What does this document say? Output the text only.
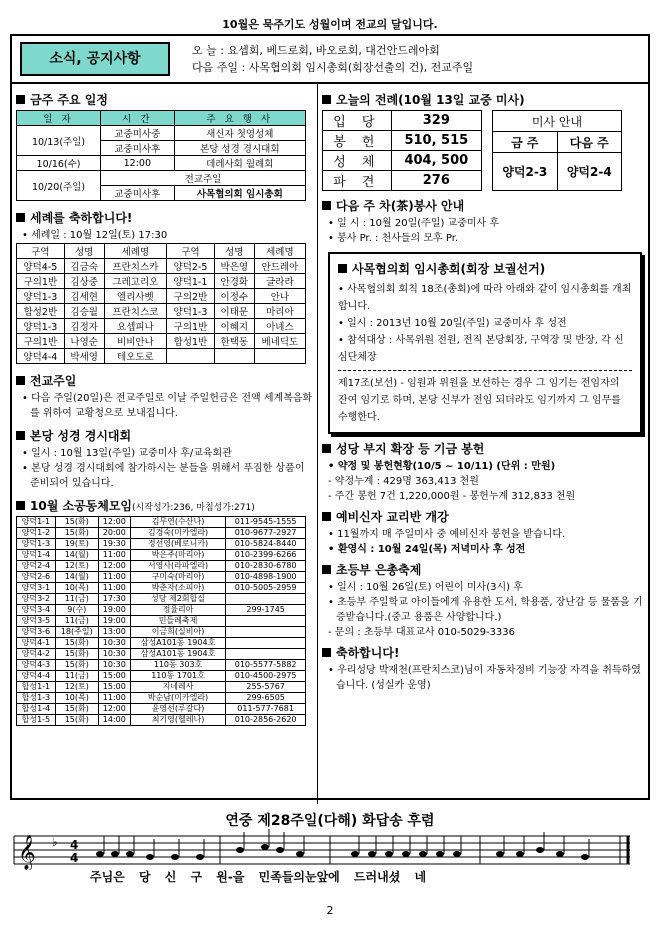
10월은 묵주기도 성월이며 전교의 달입니다.
소식, 공지사항
오 늘 : 요셉회, 베드로회, 바오로회, 대건안드레아회
다음 주일 : 사목협의회 임시총회(회장선출의 건), 전교주일
금주 주요 일정
일 자	시 간	주 요 행 사
10/13(주일)	교중미사중	새신자 첫영성체
	교중미사후	본당 성경 경시대회
10/16(수)	12:00	데레사회 월례회
10/20(주일)	전교주일	
	교중미사후	사목협의회 임시총회
세례를 축하합니다!
• 세례일 : 10월 12일(토) 17:30
구역	성명	세례명	구역	성명	세례명
양덕4-5	김금숙	프란치스카	양덕2-5	박은영	안드레아
구의1반	김상중	그레고리오	양덕1-1	안경화	글라라
양덕1-3	김세현	엘리사벳	구의2반	이정수	안나
합성2반	김승월	프란치스코	양덕1-3	이태문	마리아
양덕1-3	김정자	요셉피나	구의1반	이혜지	아녜스
구의1반	나영순	비비안나	합성1반	한택동	베네딕도
양덕4-4	박세영	테오도로			
전교주일
• 다음 주일(20일)은 전교주일로 이날 주일헌금은 전액 세계복음화를 위하여 교황청으로 보내집니다.
본당 성경 경시대회
• 일시 : 10월 13일(주일) 교중미사 후/교육회관
• 본당 성경 경시대회에 참가하시는 분들을 위해서 푸짐한 상품이 준비되어 있습니다.
10월 소공동체모임(시작성가:236, 마침성가:271)
양덕1-1	15(화)	12:00	김무연(수산나)	011-9545-1555
양덕1-2	15(화)	20:00	김경숙(미카엘라)	010-9677-2927
양덕1-3	19(토)	19:30	정선영(베로니카)	010-5824-8440
양덕1-4	14(월)	11:00	박은주(마리아)	010-2399-6266
양덕2-4	12(토)	12:00	서영사(라파엘라)	010-2830-6780
양덕2-6	14(월)	11:00	구미숙(마리아)	010-4898-1900
양덕3-1	10(목)	11:00	박춘자(소피아)	010-5005-2959
양덕3-2	11(금)	17:30	성당 제2회합실	
양덕3-4	9(수)	19:00	정율리아	299-1745
양덕3-5	11(금)	19:00	민들레축제	
양덕3-6	18(주일)	13:00	이금희(실비아)	
양덕4-1	15(화)	10:30	삼성A101동 1904호	
양덕4-2	15(화)	10:30	삼성A101동 1904호	
양덕4-3	15(화)	10:30	110동 303호	010-5577-5882
양덕4-4	11(금)	15:00	110동 1701호	010-4500-2975
합성1-1	12(토)	15:00	지네레사	255-5767
합성1-3	10(목)	11:00	박순남(미카엘라)	299-6505
합성1-4	15(화)	12:00	윤영선(루갈다)	011-577-7681
합성1-5	15(화)	14:00	최기영(헬레나)	010-2856-2620
오늘의 전례(10월 13일 교중 미사)
입 당	329
봉 헌	510, 515
성 체	404, 500
파 견	276
미사 안내	
금 주	다음 주
양덕2-3	양덕2-4
다음 주 차(茶)봉사 안내
• 일 시 : 10월 20일(주일) 교중미사 후
• 봉사 Pr. : 천사들의 모후 Pr.
사목협의회 임시총회(회장 보궐선거)
• 사목협의회 회칙 18조(총회)에 따라 아래와 같이 임시총회를 개최합니다.
• 일시 : 2013년 10월 20일(주일) 교중미사 후 성전
• 참석대상 : 사목위원 전원, 전직 본당회장, 구역장 및 반장, 각 신심단체장
제17조(보선) - 임원과 위원을 보선하는 경우 그 임기는 전임자의 잔여 임기로 하며, 본당 신부가 전임 되더라도 임기까지 그 임무를 수행한다.
성당 부지 확장 등 기금 봉헌
• 약정 및 봉헌현황(10/5 ~ 10/11) (단위 : 만원)
- 약정누계 : 429명 363,413 천원
- 주간 봉헌 7건 1,220,000원 - 봉헌누계 312,833 천원
예비신자 교리반 개강
• 11월까지 매 주일미사 중 예비신자 봉헌을 받습니다.
• 환영식 : 10월 24일(목) 저녁미사 후 성전
초등부 은총축제
• 일시 : 10월 26일(토) 어린이 미사(3시) 후
• 초등부 주일학교 아이들에게 유용한 도서, 학용품, 장난감 등 물품을 기증받습니다.(중고 용품은 사양합니다.)
- 문의 : 초등부 대표교사 010-5029-3336
축하합니다!
• 우리성당 박재천(프란치스코)님이 자동차정비 기능장 자격을 취득하였습니다. (성실카 운영)
연중 제28주일(다해) 화답송 후렴
𝄞 ♭ 4
4
주님은 당 신 구 원-을 민족들의눈앞에 드러내셨 네
2
